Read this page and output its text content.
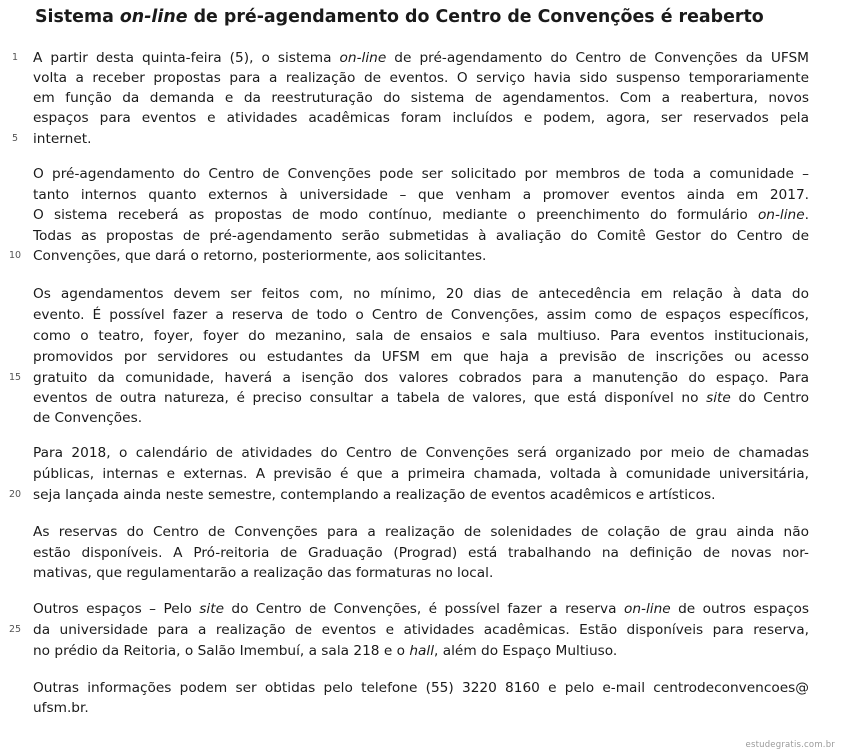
Sistema on-line de pré-agendamento do Centro de Convenções é reaberto
1
5
10
15
20
25
A partir desta quinta-feira (5), o sistema on-line de pré-agendamento do Centro de Convenções da UFSM
volta a receber propostas para a realização de eventos. O serviço havia sido suspenso temporariamente
em função da demanda e da reestruturação do sistema de agendamentos. Com a reabertura, novos
espaços para eventos e atividades acadêmicas foram incluídos e podem, agora, ser reservados pela
internet.
O pré-agendamento do Centro de Convenções pode ser solicitado por membros de toda a comunidade –
tanto internos quanto externos à universidade – que venham a promover eventos ainda em 2017.
O sistema receberá as propostas de modo contínuo, mediante o preenchimento do formulário on-line.
Todas as propostas de pré-agendamento serão submetidas à avaliação do Comitê Gestor do Centro de
Convenções, que dará o retorno, posteriormente, aos solicitantes.
Os agendamentos devem ser feitos com, no mínimo, 20 dias de antecedência em relação à data do
evento. É possível fazer a reserva de todo o Centro de Convenções, assim como de espaços específicos,
como o teatro, foyer, foyer do mezanino, sala de ensaios e sala multiuso. Para eventos institucionais,
promovidos por servidores ou estudantes da UFSM em que haja a previsão de inscrições ou acesso
gratuito da comunidade, haverá a isenção dos valores cobrados para a manutenção do espaço. Para
eventos de outra natureza, é preciso consultar a tabela de valores, que está disponível no site do Centro
de Convenções.
Para 2018, o calendário de atividades do Centro de Convenções será organizado por meio de chamadas
públicas, internas e externas. A previsão é que a primeira chamada, voltada à comunidade universitária,
seja lançada ainda neste semestre, contemplando a realização de eventos acadêmicos e artísticos.
As reservas do Centro de Convenções para a realização de solenidades de colação de grau ainda não
estão disponíveis. A Pró-reitoria de Graduação (Prograd) está trabalhando na definição de novas nor-
mativas, que regulamentarão a realização das formaturas no local.
Outros espaços – Pelo site do Centro de Convenções, é possível fazer a reserva on-line de outros espaços
da universidade para a realização de eventos e atividades acadêmicas. Estão disponíveis para reserva,
no prédio da Reitoria, o Salão Imembuí, a sala 218 e o hall, além do Espaço Multiuso.
Outras informações podem ser obtidas pelo telefone (55) 3220 8160 e pelo e-mail centrodeconvencoes@
ufsm.br.
estudegratis.com.br
